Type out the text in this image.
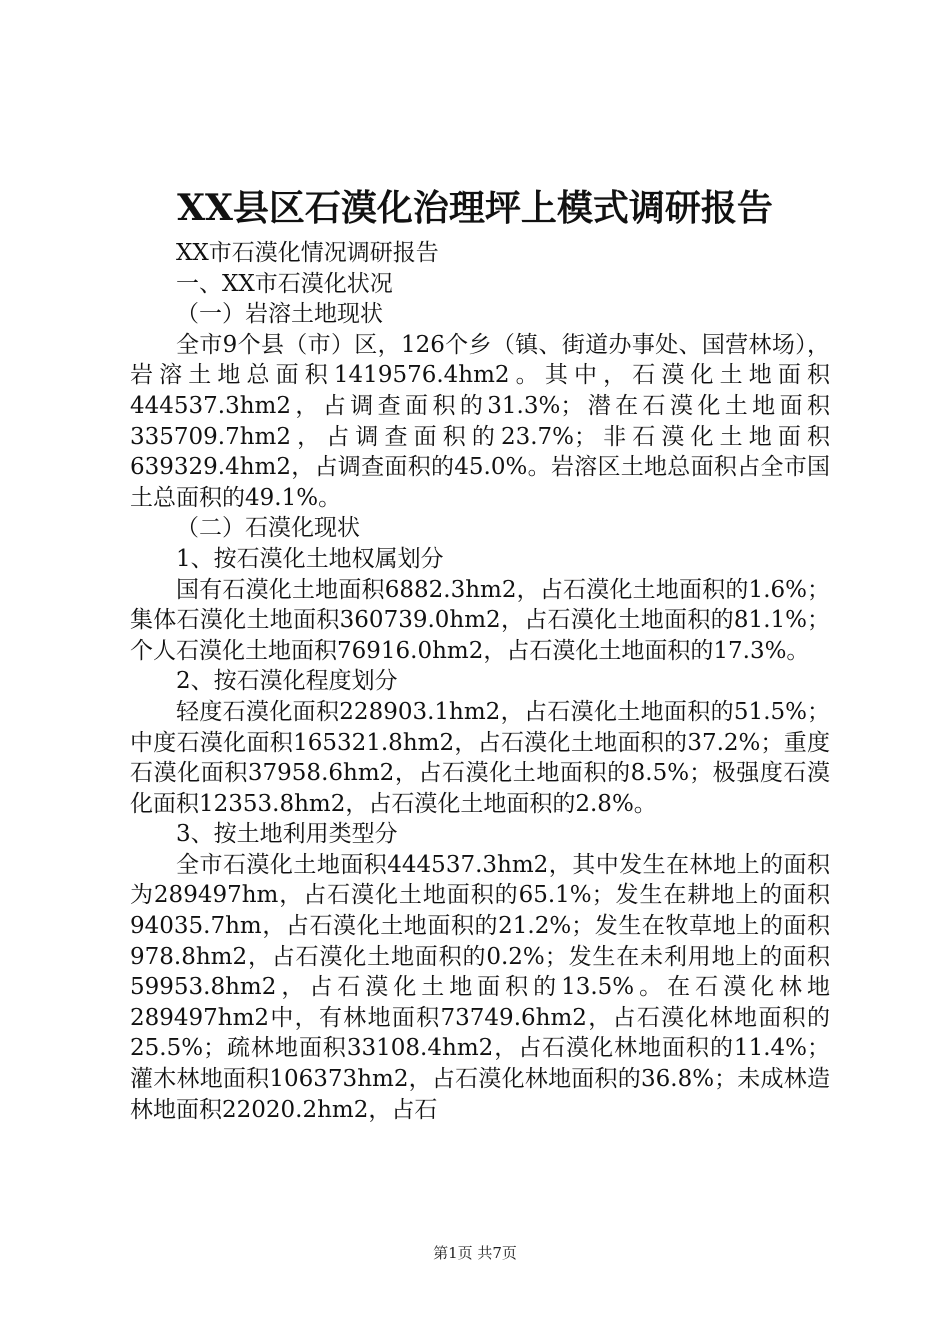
XX县区石漠化治理坪上模式调研报告

XX市石漠化情况调研报告

一、XX市石漠化状况

（一）岩溶土地现状

全市9个县（市）区，126个乡（镇、街道办事处、国营林场），岩溶土地总面积1419576.4hm2。其中，石漠化土地面积444537.3hm2，占调查面积的31.3%；潜在石漠化土地面积335709.7hm2，占调查面积的23.7%；非石漠化土地面积639329.4hm2，占调查面积的45.0%。岩溶区土地总面积占全市国土总面积的49.1%。

（二）石漠化现状

1、按石漠化土地权属划分

国有石漠化土地面积6882.3hm2，占石漠化土地面积的1.6%；集体石漠化土地面积360739.0hm2，占石漠化土地面积的81.1%；个人石漠化土地面积76916.0hm2，占石漠化土地面积的17.3%。

2、按石漠化程度划分

轻度石漠化面积228903.1hm2，占石漠化土地面积的51.5%；中度石漠化面积165321.8hm2，占石漠化土地面积的37.2%；重度石漠化面积37958.6hm2，占石漠化土地面积的8.5%；极强度石漠化面积12353.8hm2，占石漠化土地面积的2.8%。

3、按土地利用类型分

全市石漠化土地面积444537.3hm2，其中发生在林地上的面积为289497hm，占石漠化土地面积的65.1%；发生在耕地上的面积94035.7hm，占石漠化土地面积的21.2%；发生在牧草地上的面积978.8hm2，占石漠化土地面积的0.2%；发生在未利用地上的面积59953.8hm2，占石漠化土地面积的13.5%。在石漠化林地289497hm2中，有林地面积73749.6hm2，占石漠化林地面积的25.5%；疏林地面积33108.4hm2，占石漠化林地面积的11.4%；灌木林地面积106373hm2，占石漠化林地面积的36.8%；未成林造林地面积22020.2hm2，占石

第1页 共7页
